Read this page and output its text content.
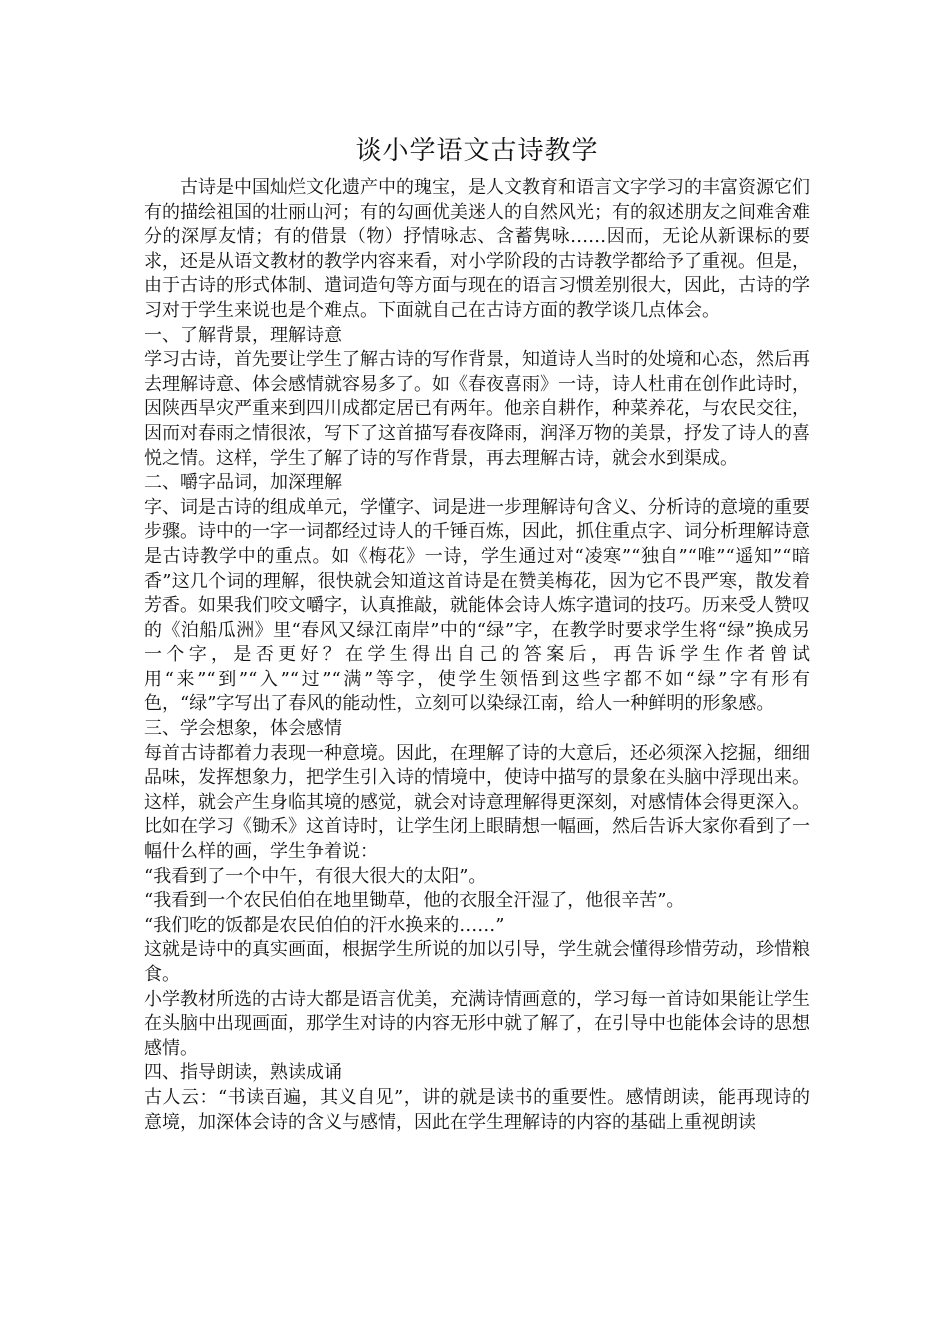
谈小学语文古诗教学

古诗是中国灿烂文化遗产中的瑰宝，是人文教育和语言文字学习的丰富资源它们有的描绘祖国的壮丽山河；有的勾画优美迷人的自然风光；有的叙述朋友之间难舍难分的深厚友情；有的借景（物）抒情咏志、含蓄隽咏……因而，无论从新课标的要求，还是从语文教材的教学内容来看，对小学阶段的古诗教学都给予了重视。但是，由于古诗的形式体制、遣词造句等方面与现在的语言习惯差别很大，因此，古诗的学习对于学生来说也是个难点。下面就自己在古诗方面的教学谈几点体会。

一、了解背景，理解诗意

学习古诗，首先要让学生了解古诗的写作背景，知道诗人当时的处境和心态，然后再去理解诗意、体会感情就容易多了。如《春夜喜雨》一诗，诗人杜甫在创作此诗时，因陕西旱灾严重来到四川成都定居已有两年。他亲自耕作，种菜养花，与农民交往，因而对春雨之情很浓，写下了这首描写春夜降雨，润泽万物的美景，抒发了诗人的喜悦之情。这样，学生了解了诗的写作背景，再去理解古诗，就会水到渠成。

二、嚼字品词，加深理解

字、词是古诗的组成单元，学懂字、词是进一步理解诗句含义、分析诗的意境的重要步骤。诗中的一字一词都经过诗人的千锤百炼，因此，抓住重点字、词分析理解诗意是古诗教学中的重点。如《梅花》一诗，学生通过对“凌寒”“独自”“唯”“遥知”“暗香”这几个词的理解，很快就会知道这首诗是在赞美梅花，因为它不畏严寒，散发着芳香。如果我们咬文嚼字，认真推敲，就能体会诗人炼字遣词的技巧。历来受人赞叹的《泊船瓜洲》里“春风又绿江南岸”中的“绿”字，在教学时要求学生将“绿”换成另一个字，是否更好？在学生得出自己的答案后，再告诉学生作者曾试用“来”“到”“入”“过”“满”等字，使学生领悟到这些字都不如“绿”字有形有色，“绿”字写出了春风的能动性，立刻可以染绿江南，给人一种鲜明的形象感。

三、学会想象，体会感情

每首古诗都着力表现一种意境。因此，在理解了诗的大意后，还必须深入挖掘，细细品味，发挥想象力，把学生引入诗的情境中，使诗中描写的景象在头脑中浮现出来。这样，就会产生身临其境的感觉，就会对诗意理解得更深刻，对感情体会得更深入。比如在学习《锄禾》这首诗时，让学生闭上眼睛想一幅画，然后告诉大家你看到了一幅什么样的画，学生争着说：

“我看到了一个中午，有很大很大的太阳”。

“我看到一个农民伯伯在地里锄草，他的衣服全汗湿了，他很辛苦”。

“我们吃的饭都是农民伯伯的汗水换来的……”

这就是诗中的真实画面，根据学生所说的加以引导，学生就会懂得珍惜劳动，珍惜粮食。

小学教材所选的古诗大都是语言优美，充满诗情画意的，学习每一首诗如果能让学生在头脑中出现画面，那学生对诗的内容无形中就了解了，在引导中也能体会诗的思想感情。

四、指导朗读，熟读成诵

古人云：“书读百遍，其义自见”，讲的就是读书的重要性。感情朗读，能再现诗的意境，加深体会诗的含义与感情，因此在学生理解诗的内容的基础上重视朗读
